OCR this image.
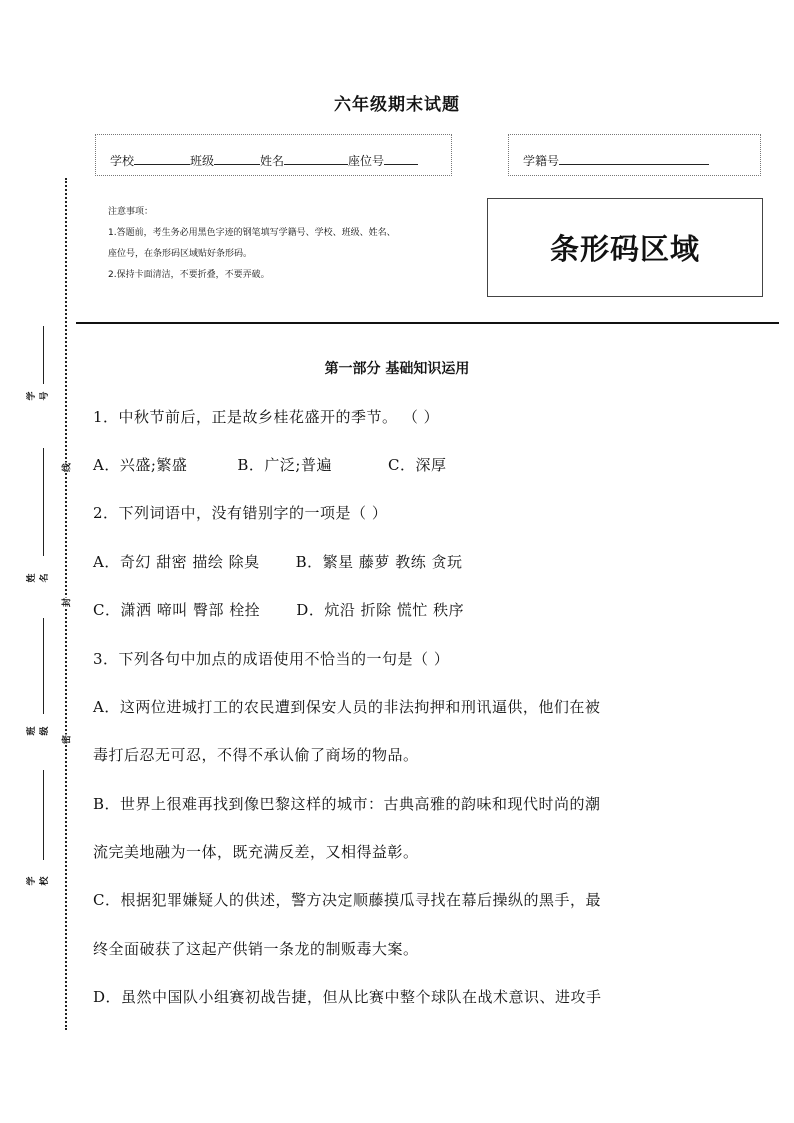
六年级期末试题
学校	班级	姓名	座位号	学籍号
注意事项：
1.答题前，考生务必用黑色字迹的钢笔填写学籍号、学校、班级、姓名、
座位号，在条形码区域贴好条形码。
2.保持卡面清洁，不要折叠，不要弄破。
条形码区域
学号
姓名
班级
学校
线
封
密
第一部分 基础知识运用
1．中秋节前后，正是故乡桂花盛开的季节。 （ ）
A．兴盛;繁盛	B．广泛;普遍	C．深厚
2．下列词语中，没有错别字的一项是（ ）
A．奇幻 甜密 描绘 除臭 B．繁星 藤萝 教练 贪玩
C．潇洒 啼叫 臀部 栓拴 D．炕沿 折除 慌忙 秩序
3．下列各句中加点的成语使用不恰当的一句是（ ）
A．这两位进城打工的农民遭到保安人员的非法拘押和刑讯逼供，他们在被
毒打后忍无可忍，不得不承认偷了商场的物品。
B．世界上很难再找到像巴黎这样的城市：古典高雅的韵味和现代时尚的潮
流完美地融为一体，既充满反差，又相得益彰。
C．根据犯罪嫌疑人的供述，警方决定顺藤摸瓜寻找在幕后操纵的黑手，最
终全面破获了这起产供销一条龙的制贩毒大案。
D．虽然中国队小组赛初战告捷，但从比赛中整个球队在战术意识、进攻手
